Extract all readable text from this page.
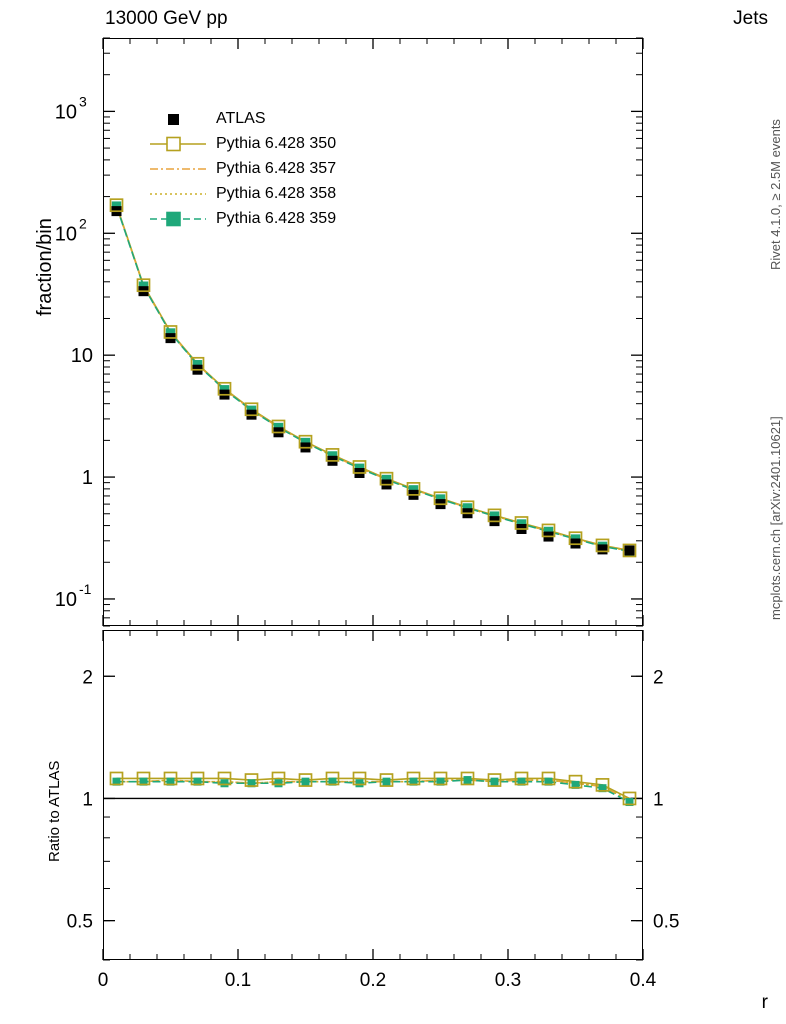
13000 GeV pp	Jets
Rivet 4.1.0, ≥ 2.5M events
mcplots.cern.ch [arXiv:2401.10621]
fraction/bin
Ratio to ATLAS
r
10 -1
1
10
10 2
10 3
0	0.1	0.2	0.3	0.4
0.5	0.5
1	1
2	2
ATLAS
Pythia 6.428 350
Pythia 6.428 357
Pythia 6.428 358
Pythia 6.428 359
